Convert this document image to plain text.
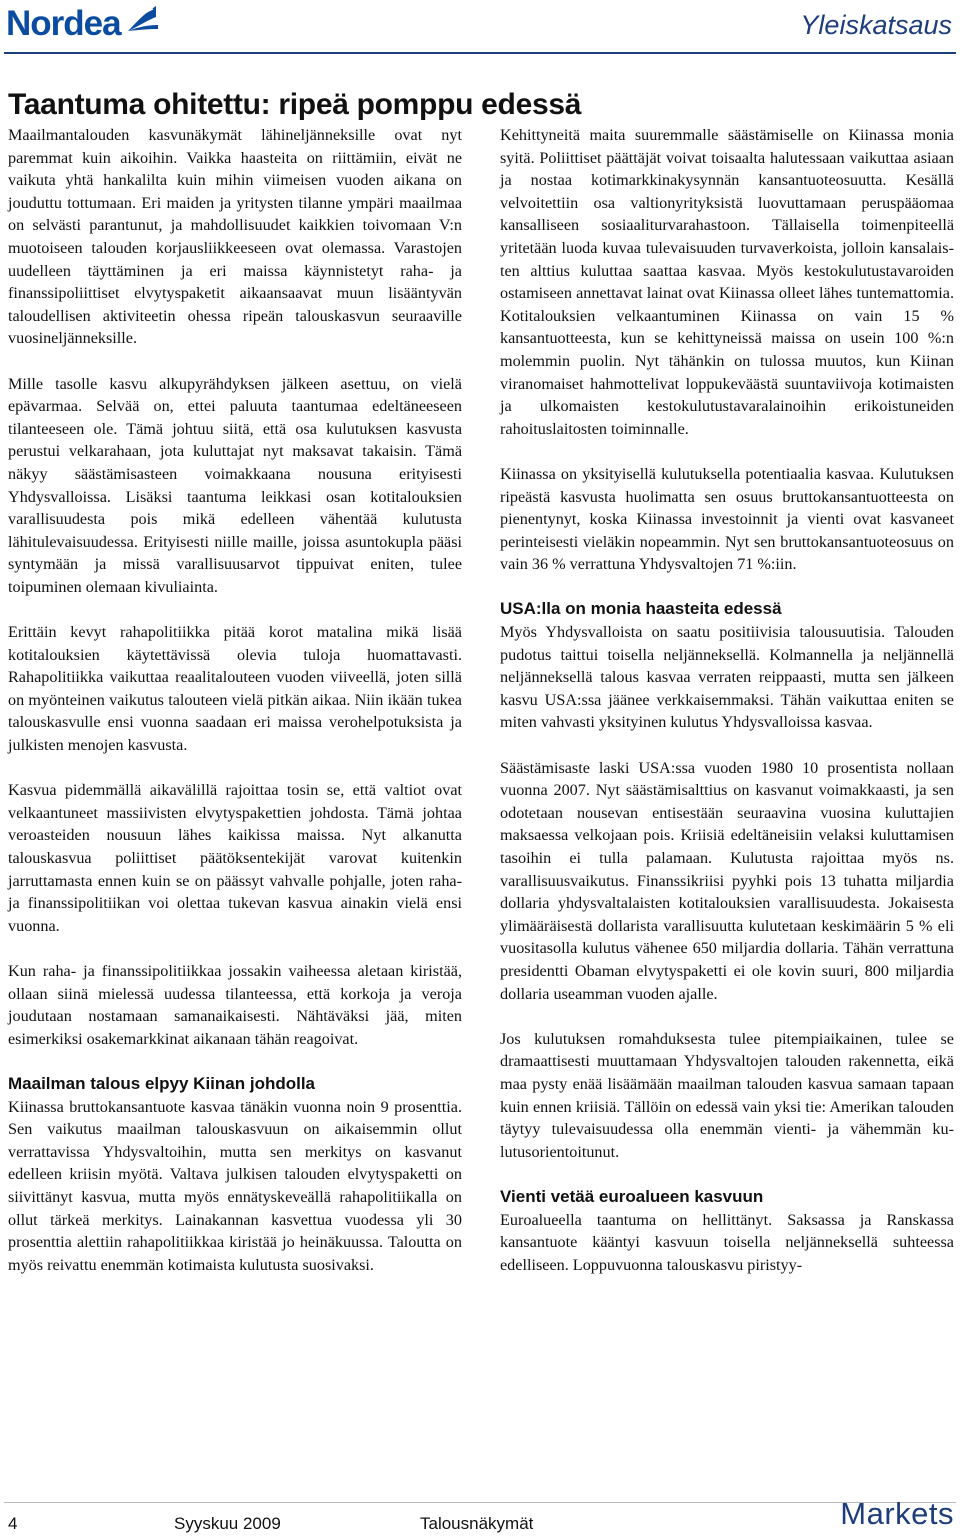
Nordea	Yleiskatsaus
Taantuma ohitettu: ripeä pomppu edessä

Maailmantalouden kasvunäkymät lähineljänneksille ovat nyt paremmat kuin aikoihin. Vaikka haasteita on riittämiin, eivät ne vaikuta yhtä hankalilta kuin mihin viimeisen vuoden aikana on jouduttu tottumaan. Eri maiden ja yritysten tilanne ympäri maailmaa on selvästi parantunut, ja mahdollisuudet kaikkien toivomaan V:n muotoiseen talouden korjausliikkeeseen ovat olemassa. Varastojen uudelleen täyttäminen ja eri maissa käynnistetyt raha- ja finanssipoliittiset elvytyspaketit aikaansaavat muun lisääntyvän taloudellisen aktiviteetin ohessa ripeän talouskasvun seuraaville vuosineljänneksille.

Mille tasolle kasvu alkupyrähdyksen jälkeen asettuu, on vielä epävarmaa. Selvää on, ettei paluuta taantumaa edeltäneeseen tilanteeseen ole. Tämä johtuu siitä, että osa kulutuksen kasvusta perustui velkarahaan, jota kuluttajat nyt maksavat takaisin. Tämä näkyy säästämisasteen voimakkaana nousuna erityisesti Yhdysvalloissa. Lisäksi taantuma leikkasi osan kotitalouksien varallisuudesta pois mikä edelleen vähentää kulutusta lähitulevaisuudessa. Erityisesti niille maille, joissa asuntokupla pääsi syntymään ja missä varallisuusarvot tippuivat eniten, tulee toipuminen olemaan kivuliainta.

Erittäin kevyt rahapolitiikka pitää korot matalina mikä lisää kotitalouksien käytettävissä olevia tuloja huomattavasti. Rahapolitiikka vaikuttaa reaalitalouteen vuoden viiveellä, joten sillä on myönteinen vaikutus talouteen vielä pitkän aikaa. Niin ikään tukea talouskasvulle ensi vuonna saadaan eri maissa verohelpotuksista ja julkisten menojen kasvusta.

Kasvua pidemmällä aikavälillä rajoittaa tosin se, että valtiot ovat velkaantuneet massiivisten elvytyspakettien johdosta. Tämä johtaa veroasteiden nousuun lähes kaikissa maissa. Nyt alkanutta talouskasvua poliittiset päätöksentekijät varovat kuitenkin jarruttamasta ennen kuin se on päässyt vahvalle pohjalle, joten raha- ja finanssipolitiikan voi olettaa tukevan kasvua ainakin vielä ensi vuonna.

Kun raha- ja finanssipolitiikkaa jossakin vaiheessa aletaan kiristää, ollaan siinä mielessä uudessa tilanteessa, että korkoja ja veroja joudutaan nostamaan samanaikaisesti. Nähtäväksi jää, miten esimerkiksi osakemarkkinat aikanaan tähän reagoivat.

Maailman talous elpyy Kiinan johdolla

Kiinassa bruttokansantuote kasvaa tänäkin vuonna noin 9 prosenttia. Sen vaikutus maailman talouskasvuun on aikaisemmin ollut verrattavissa Yhdysvaltoihin, mutta sen merkitys on kasvanut edelleen kriisin myötä. Valtava julkisen talouden elvytyspaketti on siivittänyt kasvua, mutta myös ennätyskeveällä rahapolitiikalla on ollut tärkeä merkitys. Lainakannan kasvettua vuodessa yli 30 prosenttia alettiin rahapolitiikkaa kiristää jo heinäkuussa. Taloutta on myös reivattu enemmän kotimaista kulutusta suosivaksi.

Kehittyneitä maita suuremmalle säästämiselle on Kiinassa monia syitä. Poliittiset päättäjät voivat toisaalta halutessaan vaikuttaa asiaan ja nostaa kotimarkkinakysynnän kansantuoteosuutta. Kesällä velvoitettiin osa valtionyrityksistä luovuttamaan peruspääomaa kansalliseen sosiaaliturvarahastoon. Tällaisella toimenpiteellä yritetään luoda kuvaa tulevaisuuden turvaverkoista, jolloin kansalaisten alttius kuluttaa saattaa kasvaa. Myös kestokulutustavaroiden ostamiseen annettavat lainat ovat Kiinassa olleet lähes tuntemattomia. Kotitalouksien velkaantuminen Kiinassa on vain 15 % kansantuotteesta, kun se kehittyneissä maissa on usein 100 %:n molemmin puolin. Nyt tähänkin on tulossa muutos, kun Kiinan viranomaiset hahmottelivat loppukeväästä suuntaviivoja kotimaisten ja ulkomaisten kestokulutustavaralainoihin erikoistuneiden rahoituslaitosten toiminnalle.

Kiinassa on yksityisellä kulutuksella potentiaalia kasvaa. Kulutuksen ripeästä kasvusta huolimatta sen osuus bruttokansantuotteesta on pienentynyt, koska Kiinassa investoinnit ja vienti ovat kasvaneet perinteisesti vieläkin nopeammin. Nyt sen bruttokansantuoteosuus on vain 36 % verrattuna Yhdysvaltojen 71 %:iin.

USA:lla on monia haasteita edessä

Myös Yhdysvalloista on saatu positiivisia talousuutisia. Talouden pudotus taittui toisella neljänneksellä. Kolmannella ja neljännellä neljänneksellä talous kasvaa verraten reippaasti, mutta sen jälkeen kasvu USA:ssa jäänee verkkaisemmaksi. Tähän vaikuttaa eniten se miten vahvasti yksityinen kulutus Yhdysvalloissa kasvaa.

Säästämisaste laski USA:ssa vuoden 1980 10 prosentista nollaan vuonna 2007. Nyt säästämisalttius on kasvanut voimakkaasti, ja sen odotetaan nousevan entisestään seuraavina vuosina kuluttajien maksaessa velkojaan pois. Kriisiä edeltäneisiin velaksi kuluttamisen tasoihin ei tulla palamaan. Kulutusta rajoittaa myös ns. varallisuusvaikutus. Finanssikriisi pyyhki pois 13 tuhatta miljardia dollaria yhdysvaltalaisten kotitalouksien varallisuudesta. Jokaisesta ylimääräisestä dollarista varallisuutta kulutetaan keskimäärin 5 % eli vuositasolla kulutus vähenee 650 miljardia dollaria. Tähän verrattuna presidentti Obaman elvytyspaketti ei ole kovin suuri, 800 miljardia dollaria useamman vuoden ajalle.

Jos kulutuksen romahduksesta tulee pitempiaikainen, tulee se dramaattisesti muuttamaan Yhdysvaltojen talouden rakennetta, eikä maa pysty enää lisäämään maailman talouden kasvua samaan tapaan kuin ennen kriisiä. Tällöin on edessä vain yksi tie: Amerikan talouden täytyy tulevaisuudessa olla enemmän vienti- ja vähemmän kulutusorientoitunut.

Vienti vetää euroalueen kasvuun

Euroalueella taantuma on hellittänyt. Saksassa ja Ranskassa kansantuote kääntyi kasvuun toisella neljänneksellä suhteessa edelliseen. Loppuvuonna talouskasvu piristyy-

4	Syyskuu 2009	Talousnäkymät	Markets
